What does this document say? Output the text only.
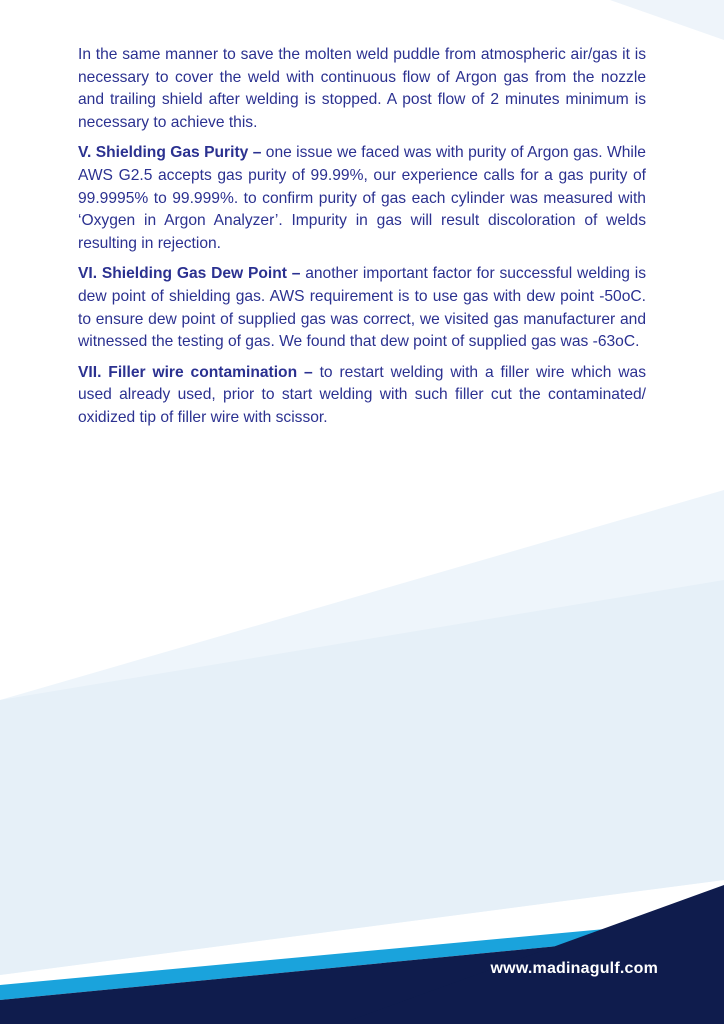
In the same manner to save the molten weld puddle from atmospheric air/gas it is necessary to cover the weld with continuous flow of Argon gas from the nozzle and trailing shield after welding is stopped. A post flow of 2 minutes minimum is necessary to achieve this.

V. Shielding Gas Purity – one issue we faced was with purity of Argon gas. While AWS G2.5 accepts gas purity of 99.99%, our experience calls for a gas purity of 99.9995% to 99.999%. to confirm purity of gas each cylinder was measured with ‘Oxygen in Argon Analyzer’. Impurity in gas will result discoloration of welds resulting in rejection.

VI. Shielding Gas Dew Point – another important factor for successful welding is dew point of shielding gas. AWS requirement is to use gas with dew point -50oC. to ensure dew point of supplied gas was correct, we visited gas manufacturer and witnessed the testing of gas. We found that dew point of supplied gas was -63oC.

VII. Filler wire contamination – to restart welding with a filler wire which was used already used, prior to start welding with such filler cut the contaminated/ oxidized tip of filler wire with scissor.

www.madinagulf.com
